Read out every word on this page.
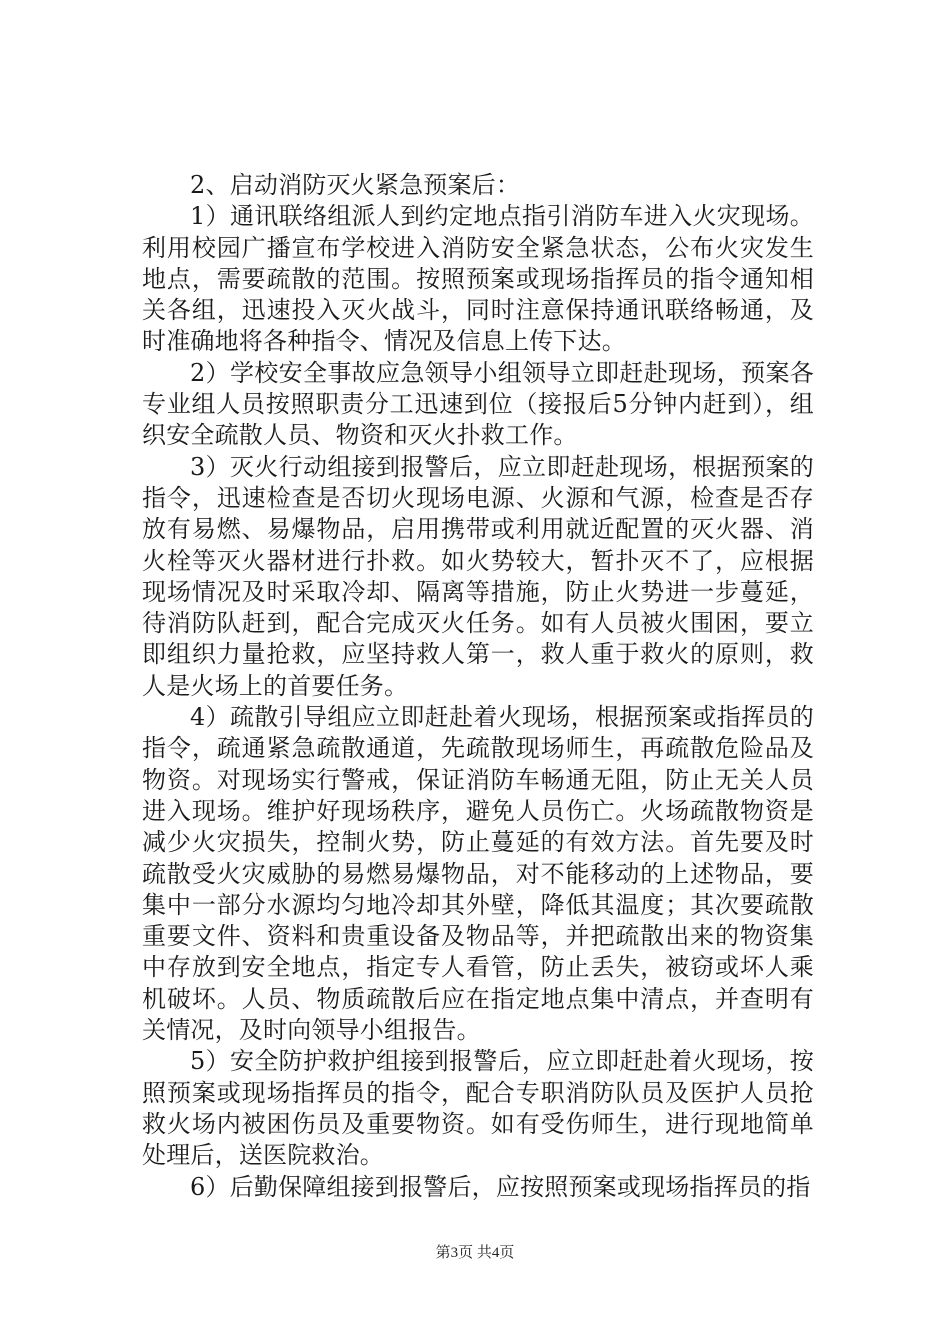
2、启动消防灭火紧急预案后：

1）通讯联络组派人到约定地点指引消防车进入火灾现场。利用校园广播宣布学校进入消防安全紧急状态，公布火灾发生地点，需要疏散的范围。按照预案或现场指挥员的指令通知相关各组，迅速投入灭火战斗，同时注意保持通讯联络畅通，及时准确地将各种指令、情况及信息上传下达。

2）学校安全事故应急领导小组领导立即赶赴现场，预案各专业组人员按照职责分工迅速到位（接报后5分钟内赶到），组织安全疏散人员、物资和灭火扑救工作。

3）灭火行动组接到报警后，应立即赶赴现场，根据预案的指令，迅速检查是否切火现场电源、火源和气源，检查是否存放有易燃、易爆物品，启用携带或利用就近配置的灭火器、消火栓等灭火器材进行扑救。如火势较大，暂扑灭不了，应根据现场情况及时采取冷却、隔离等措施，防止火势进一步蔓延，待消防队赶到，配合完成灭火任务。如有人员被火围困，要立即组织力量抢救，应坚持救人第一，救人重于救火的原则，救人是火场上的首要任务。

4）疏散引导组应立即赶赴着火现场，根据预案或指挥员的指令，疏通紧急疏散通道，先疏散现场师生，再疏散危险品及物资。对现场实行警戒，保证消防车畅通无阻，防止无关人员进入现场。维护好现场秩序，避免人员伤亡。火场疏散物资是减少火灾损失，控制火势，防止蔓延的有效方法。首先要及时疏散受火灾威胁的易燃易爆物品，对不能移动的上述物品，要集中一部分水源均匀地冷却其外壁，降低其温度；其次要疏散重要文件、资料和贵重设备及物品等，并把疏散出来的物资集中存放到安全地点，指定专人看管，防止丢失，被窃或坏人乘机破坏。人员、物质疏散后应在指定地点集中清点，并查明有关情况，及时向领导小组报告。

5）安全防护救护组接到报警后，应立即赶赴着火现场，按照预案或现场指挥员的指令，配合专职消防队员及医护人员抢救火场内被困伤员及重要物资。如有受伤师生，进行现地简单处理后，送医院救治。

6）后勤保障组接到报警后，应按照预案或现场指挥员的指

第3页 共4页
